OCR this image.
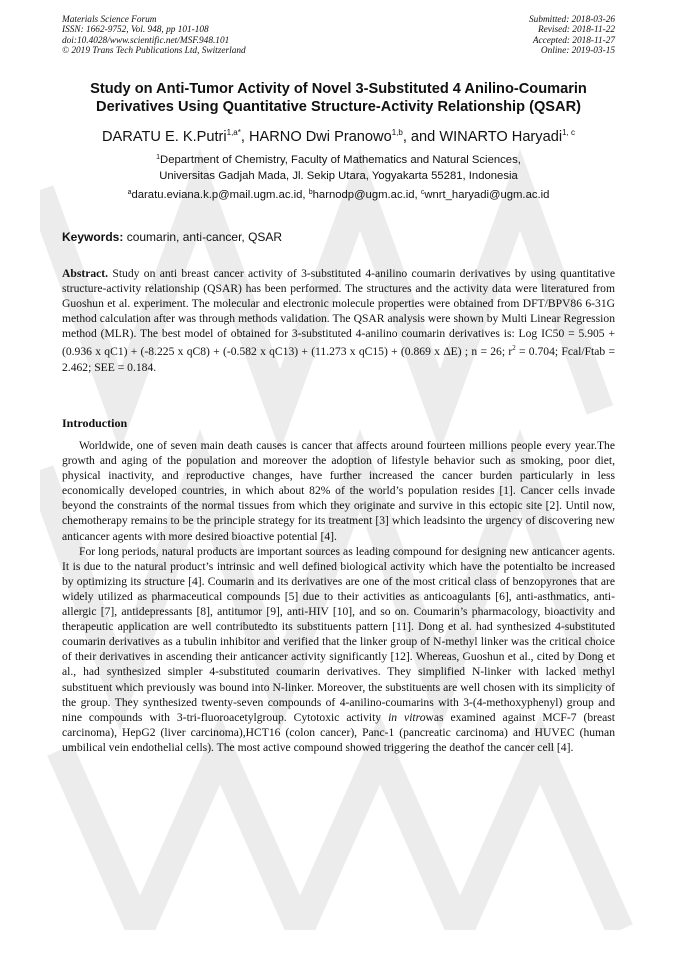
Materials Science Forum
ISSN: 1662-9752, Vol. 948, pp 101-108
doi:10.4028/www.scientific.net/MSF.948.101
© 2019 Trans Tech Publications Ltd, Switzerland
Submitted: 2018-03-26
Revised: 2018-11-22
Accepted: 2018-11-27
Online: 2019-03-15
Study on Anti-Tumor Activity of Novel 3-Substituted 4 Anilino-Coumarin
Derivatives Using Quantitative Structure-Activity Relationship (QSAR)
DARATU E. K.Putri$^{1,a*}$, HARNO Dwi Pranowo$^{1,b}$, and WINARTO Haryadi$^{1, c}$
$^1$Department of Chemistry, Faculty of Mathematics and Natural Sciences,
Universitas Gadjah Mada, Jl. Sekip Utara, Yogyakarta 55281, Indonesia
$^a$daratu.eviana.k.p@mail.ugm.ac.id, $^b$harnodp@ugm.ac.id, $^c$wnrt_haryadi@ugm.ac.id
Keywords: coumarin, anti-cancer, QSAR
Abstract. Study on anti breast cancer activity of 3-substituted 4-anilino coumarin derivatives by using quantitative structure-activity relationship (QSAR) has been performed. The structures and the activity data were literatured from Guoshun et al. experiment. The molecular and electronic molecule properties were obtained from DFT/BPV86 6-31G method calculation after was through methods validation. The QSAR analysis were shown by Multi Linear Regression method (MLR). The best model of obtained for 3-substituted 4-anilino coumarin derivatives is: Log IC50 = 5.905 + (0.936 x qC1) + (-8.225 x qC8) + (-0.582 x qC13) + (11.273 x qC15) + (0.869 x ΔE) ; n = 26; $r^2 = 0.704$; Fcal/Ftab = 2.462; SEE = 0.184.
Introduction

Worldwide, one of seven main death causes is cancer that affects around fourteen millions people every year.The growth and aging of the population and moreover the adoption of lifestyle behavior such as smoking, poor diet, physical inactivity, and reproductive changes, have further increased the cancer burden particularly in less economically developed countries, in which about 82% of the world’s population resides [1]. Cancer cells invade beyond the constraints of the normal tissues from which they originate and survive in this ectopic site [2]. Until now, chemotherapy remains to be the principle strategy for its treatment [3] which leadsinto the urgency of discovering new anticancer agents with more desired bioactive potential [4].

For long periods, natural products are important sources as leading compound for designing new anticancer agents. It is due to the natural product’s intrinsic and well defined biological activity which have the potentialto be increased by optimizing its structure [4]. Coumarin and its derivatives are one of the most critical class of benzopyrones that are widely utilized as pharmaceutical compounds [5] due to their activities as anticoagulants [6], anti-asthmatics, anti-allergic [7], antidepressants [8], antitumor [9], anti-HIV [10], and so on. Coumarin’s pharmacology, bioactivity and therapeutic application are well contributedto its substituents pattern [11]. Dong et al. had synthesized 4-substituted coumarin derivatives as a tubulin inhibitor and verified that the linker group of N-methyl linker was the critical choice of their derivatives in ascending their anticancer activity significantly [12]. Whereas, Guoshun et al., cited by Dong et al., had synthesized simpler 4-substituted coumarin derivatives. They simplified N-linker with lacked methyl substituent which previously was bound into N-linker. Moreover, the substituents are well chosen with its simplicity of the group. They synthesized twenty-seven compounds of 4-anilino-coumarins with 3-(4-methoxyphenyl) group and nine compounds with 3-tri-fluoroacetylgroup. Cytotoxic activity in vitrowas examined against MCF-7 (breast carcinoma), HepG2 (liver carcinoma),HCT16 (colon cancer), Panc-1 (pancreatic carcinoma) and HUVEC (human umbilical vein endothelial cells). The most active compound showed triggering the deathof the cancer cell [4].
